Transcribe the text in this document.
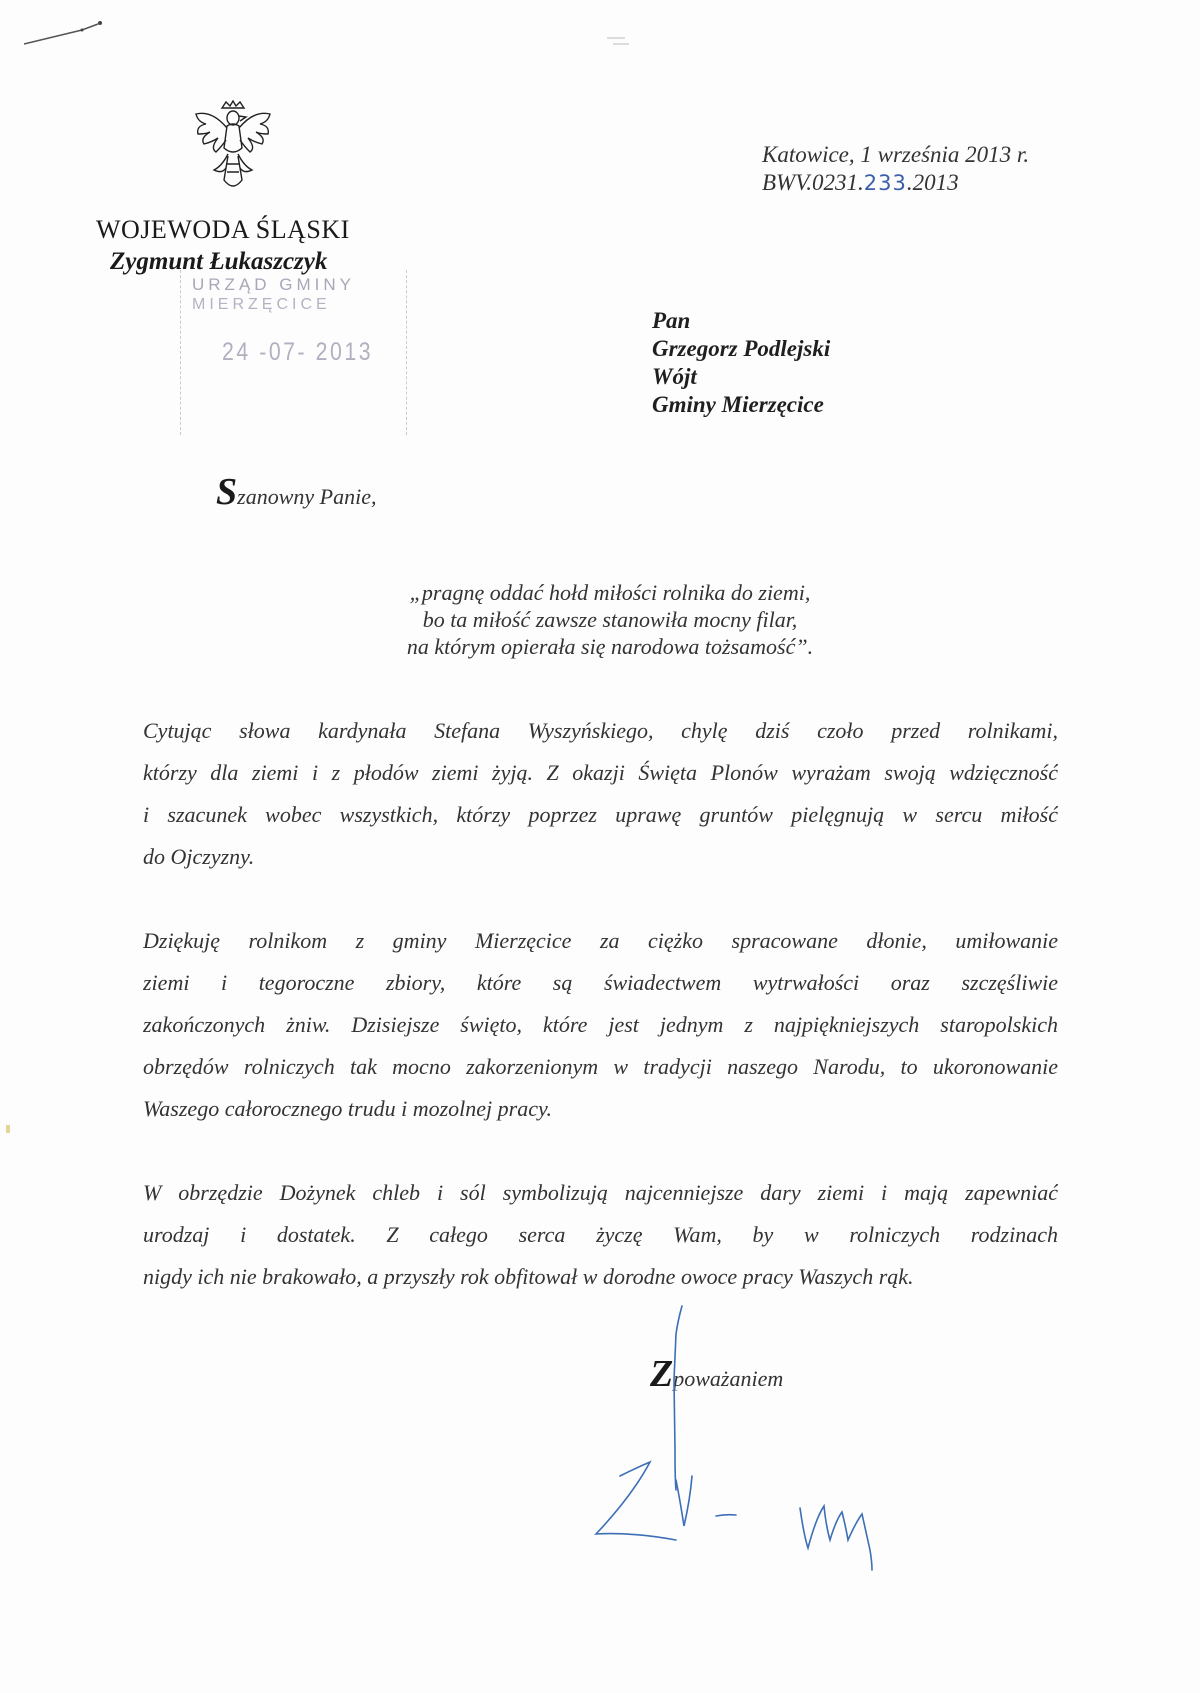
WOJEWODA ŚLĄSKI
Zygmunt Łukaszczyk
URZĄD GMINY
MIERZĘCICE
24 -07- 2013
Katowice, 1 września 2013 r.
BWV.0231.233.2013
Pan
Grzegorz Podlejski
Wójt
Gminy Mierzęcice
Szanowny Panie,
„pragnę oddać hołd miłości rolnika do ziemi,
bo ta miłość zawsze stanowiła mocny filar,
na którym opierała się narodowa tożsamość”.
Cytując słowa kardynała Stefana Wyszyńskiego, chylę dziś czoło przed rolnikami,
którzy dla ziemi i z płodów ziemi żyją. Z okazji Święta Plonów wyrażam swoją wdzięczność
i szacunek wobec wszystkich, którzy poprzez uprawę gruntów pielęgnują w sercu miłość
do Ojczyzny.
Dziękuję rolnikom z gminy Mierzęcice za ciężko spracowane dłonie, umiłowanie
ziemi i tegoroczne zbiory, które są świadectwem wytrwałości oraz szczęśliwie
zakończonych żniw. Dzisiejsze święto, które jest jednym z najpiękniejszych staropolskich
obrzędów rolniczych tak mocno zakorzenionym w tradycji naszego Narodu, to ukoronowanie
Waszego całorocznego trudu i mozolnej pracy.
W obrzędzie Dożynek chleb i sól symbolizują najcenniejsze dary ziemi i mają zapewniać
urodzaj i dostatek. Z całego serca życzę Wam, by w rolniczych rodzinach
nigdy ich nie brakowało, a przyszły rok obfitował w dorodne owoce pracy Waszych rąk.
Zpoważaniem
